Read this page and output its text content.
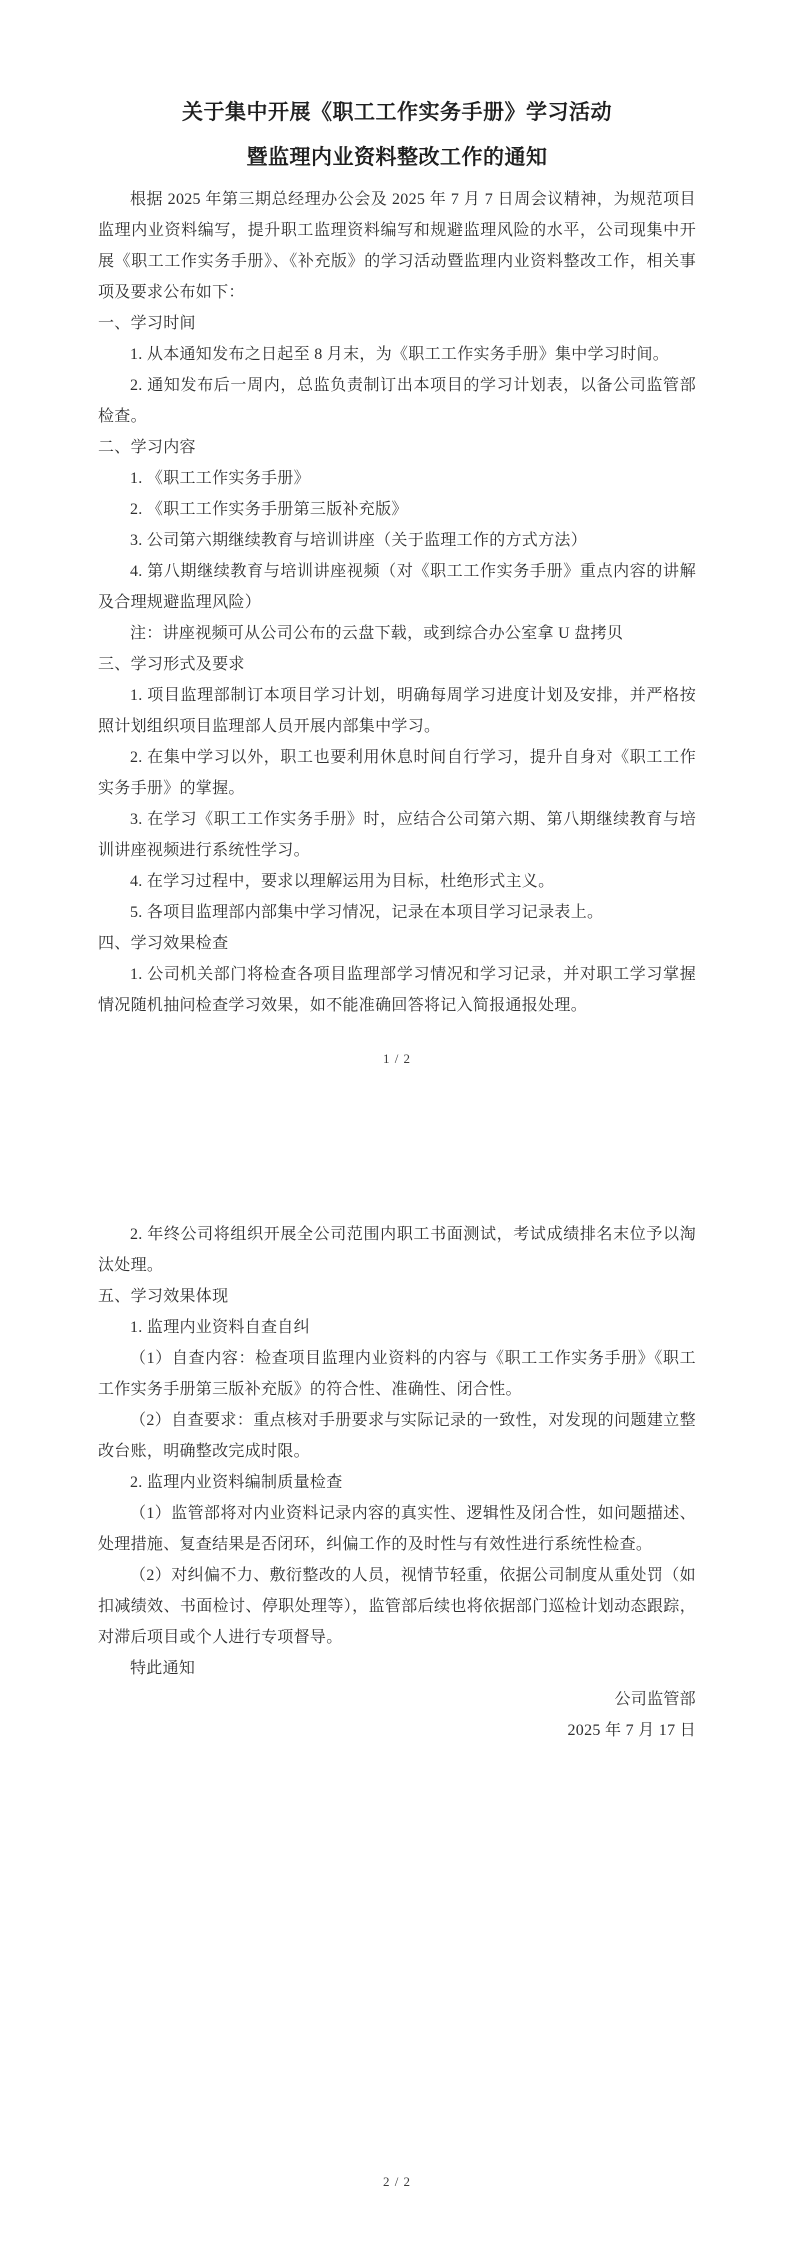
关于集中开展《职工工作实务手册》学习活动
暨监理内业资料整改工作的通知

根据 2025 年第三期总经理办公会及 2025 年 7 月 7 日周会议精神，为规范项目监理内业资料编写，提升职工监理资料编写和规避监理风险的水平，公司现集中开展《职工工作实务手册》、《补充版》的学习活动暨监理内业资料整改工作，相关事项及要求公布如下：

一、学习时间

1. 从本通知发布之日起至 8 月末，为《职工工作实务手册》集中学习时间。

2. 通知发布后一周内，总监负责制订出本项目的学习计划表，以备公司监管部检查。

二、学习内容

1. 《职工工作实务手册》

2. 《职工工作实务手册第三版补充版》

3. 公司第六期继续教育与培训讲座（关于监理工作的方式方法）

4. 第八期继续教育与培训讲座视频（对《职工工作实务手册》重点内容的讲解及合理规避监理风险）

注：讲座视频可从公司公布的云盘下载，或到综合办公室拿 U 盘拷贝

三、学习形式及要求

1. 项目监理部制订本项目学习计划，明确每周学习进度计划及安排，并严格按照计划组织项目监理部人员开展内部集中学习。

2. 在集中学习以外，职工也要利用休息时间自行学习，提升自身对《职工工作实务手册》的掌握。

3. 在学习《职工工作实务手册》时，应结合公司第六期、第八期继续教育与培训讲座视频进行系统性学习。

4. 在学习过程中，要求以理解运用为目标，杜绝形式主义。

5. 各项目监理部内部集中学习情况，记录在本项目学习记录表上。

四、学习效果检查

1. 公司机关部门将检查各项目监理部学习情况和学习记录，并对职工学习掌握情况随机抽问检查学习效果，如不能准确回答将记入简报通报处理。

1 / 2

2. 年终公司将组织开展全公司范围内职工书面测试，考试成绩排名末位予以淘汰处理。

五、学习效果体现

1. 监理内业资料自查自纠

（1）自查内容：检查项目监理内业资料的内容与《职工工作实务手册》《职工工作实务手册第三版补充版》的符合性、准确性、闭合性。

（2）自查要求：重点核对手册要求与实际记录的一致性，对发现的问题建立整改台账，明确整改完成时限。

2. 监理内业资料编制质量检查

（1）监管部将对内业资料记录内容的真实性、逻辑性及闭合性，如问题描述、处理措施、复查结果是否闭环，纠偏工作的及时性与有效性进行系统性检查。

（2）对纠偏不力、敷衍整改的人员，视情节轻重，依据公司制度从重处罚（如扣减绩效、书面检讨、停职处理等），监管部后续也将依据部门巡检计划动态跟踪，对滞后项目或个人进行专项督导。

特此通知

公司监管部

2025 年 7 月 17 日

2 / 2
